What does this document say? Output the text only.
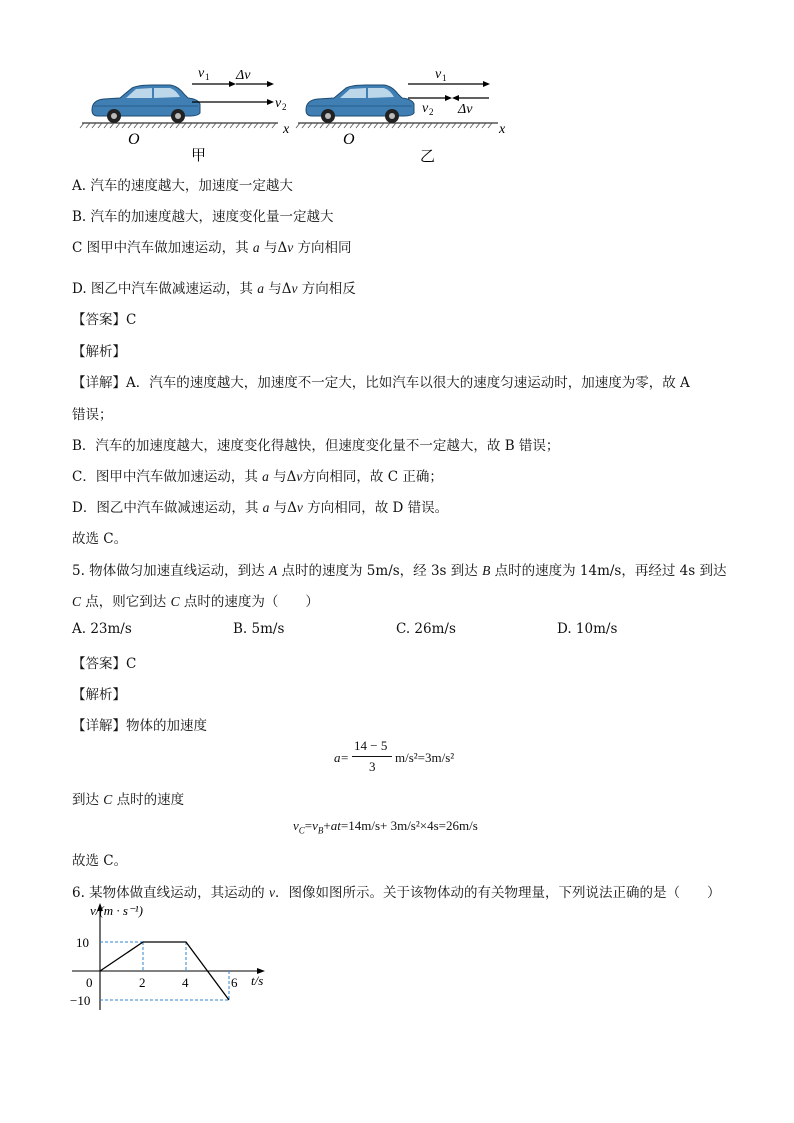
O
x
v 1 Δv
v 2
甲
O
x
v 1
v 2 Δv
乙
A. 汽车的速度越大，加速度一定越大
B. 汽车的加速度越大，速度变化量一定越大
C 图甲中汽车做加速运动，其 a 与Δv 方向相同
D. 图乙中汽车做减速运动，其 a 与Δv 方向相反
【答案】C
【解析】
【详解】A．汽车的速度越大，加速度不一定大，比如汽车以很大的速度匀速运动时，加速度为零，故 A
错误；
B．汽车的加速度越大，速度变化得越快，但速度变化量不一定越大，故 B 错误；
C．图甲中汽车做加速运动，其 a 与Δv方向相同，故 C 正确；
D．图乙中汽车做减速运动，其 a 与Δv 方向相同，故 D 错误。
故选 C。
5. 物体做匀加速直线运动，到达 A 点时的速度为 5m/s，经 3s 到达 B 点时的速度为 14m/s，再经过 4s 到达
C 点，则它到达 C 点时的速度为（　　）
A. 23m/s	B. 5m/s	C. 26m/s	D. 10m/s
【答案】C
【解析】
【详解】物体的加速度
a =
14 − 5
3
m/s²=3m/s²
到达 C 点时的速度
$v_C=v_B+at=14m/s+ 3m/s^2\times 4s=26m/s$
故选 C。
6. 某物体做直线运动，其运动的 v．图像如图所示。关于该物体动的有关物理量，下列说法正确的是（　　）
v/(m · s⁻¹)
t/s
10
0
−10
2	4	6
